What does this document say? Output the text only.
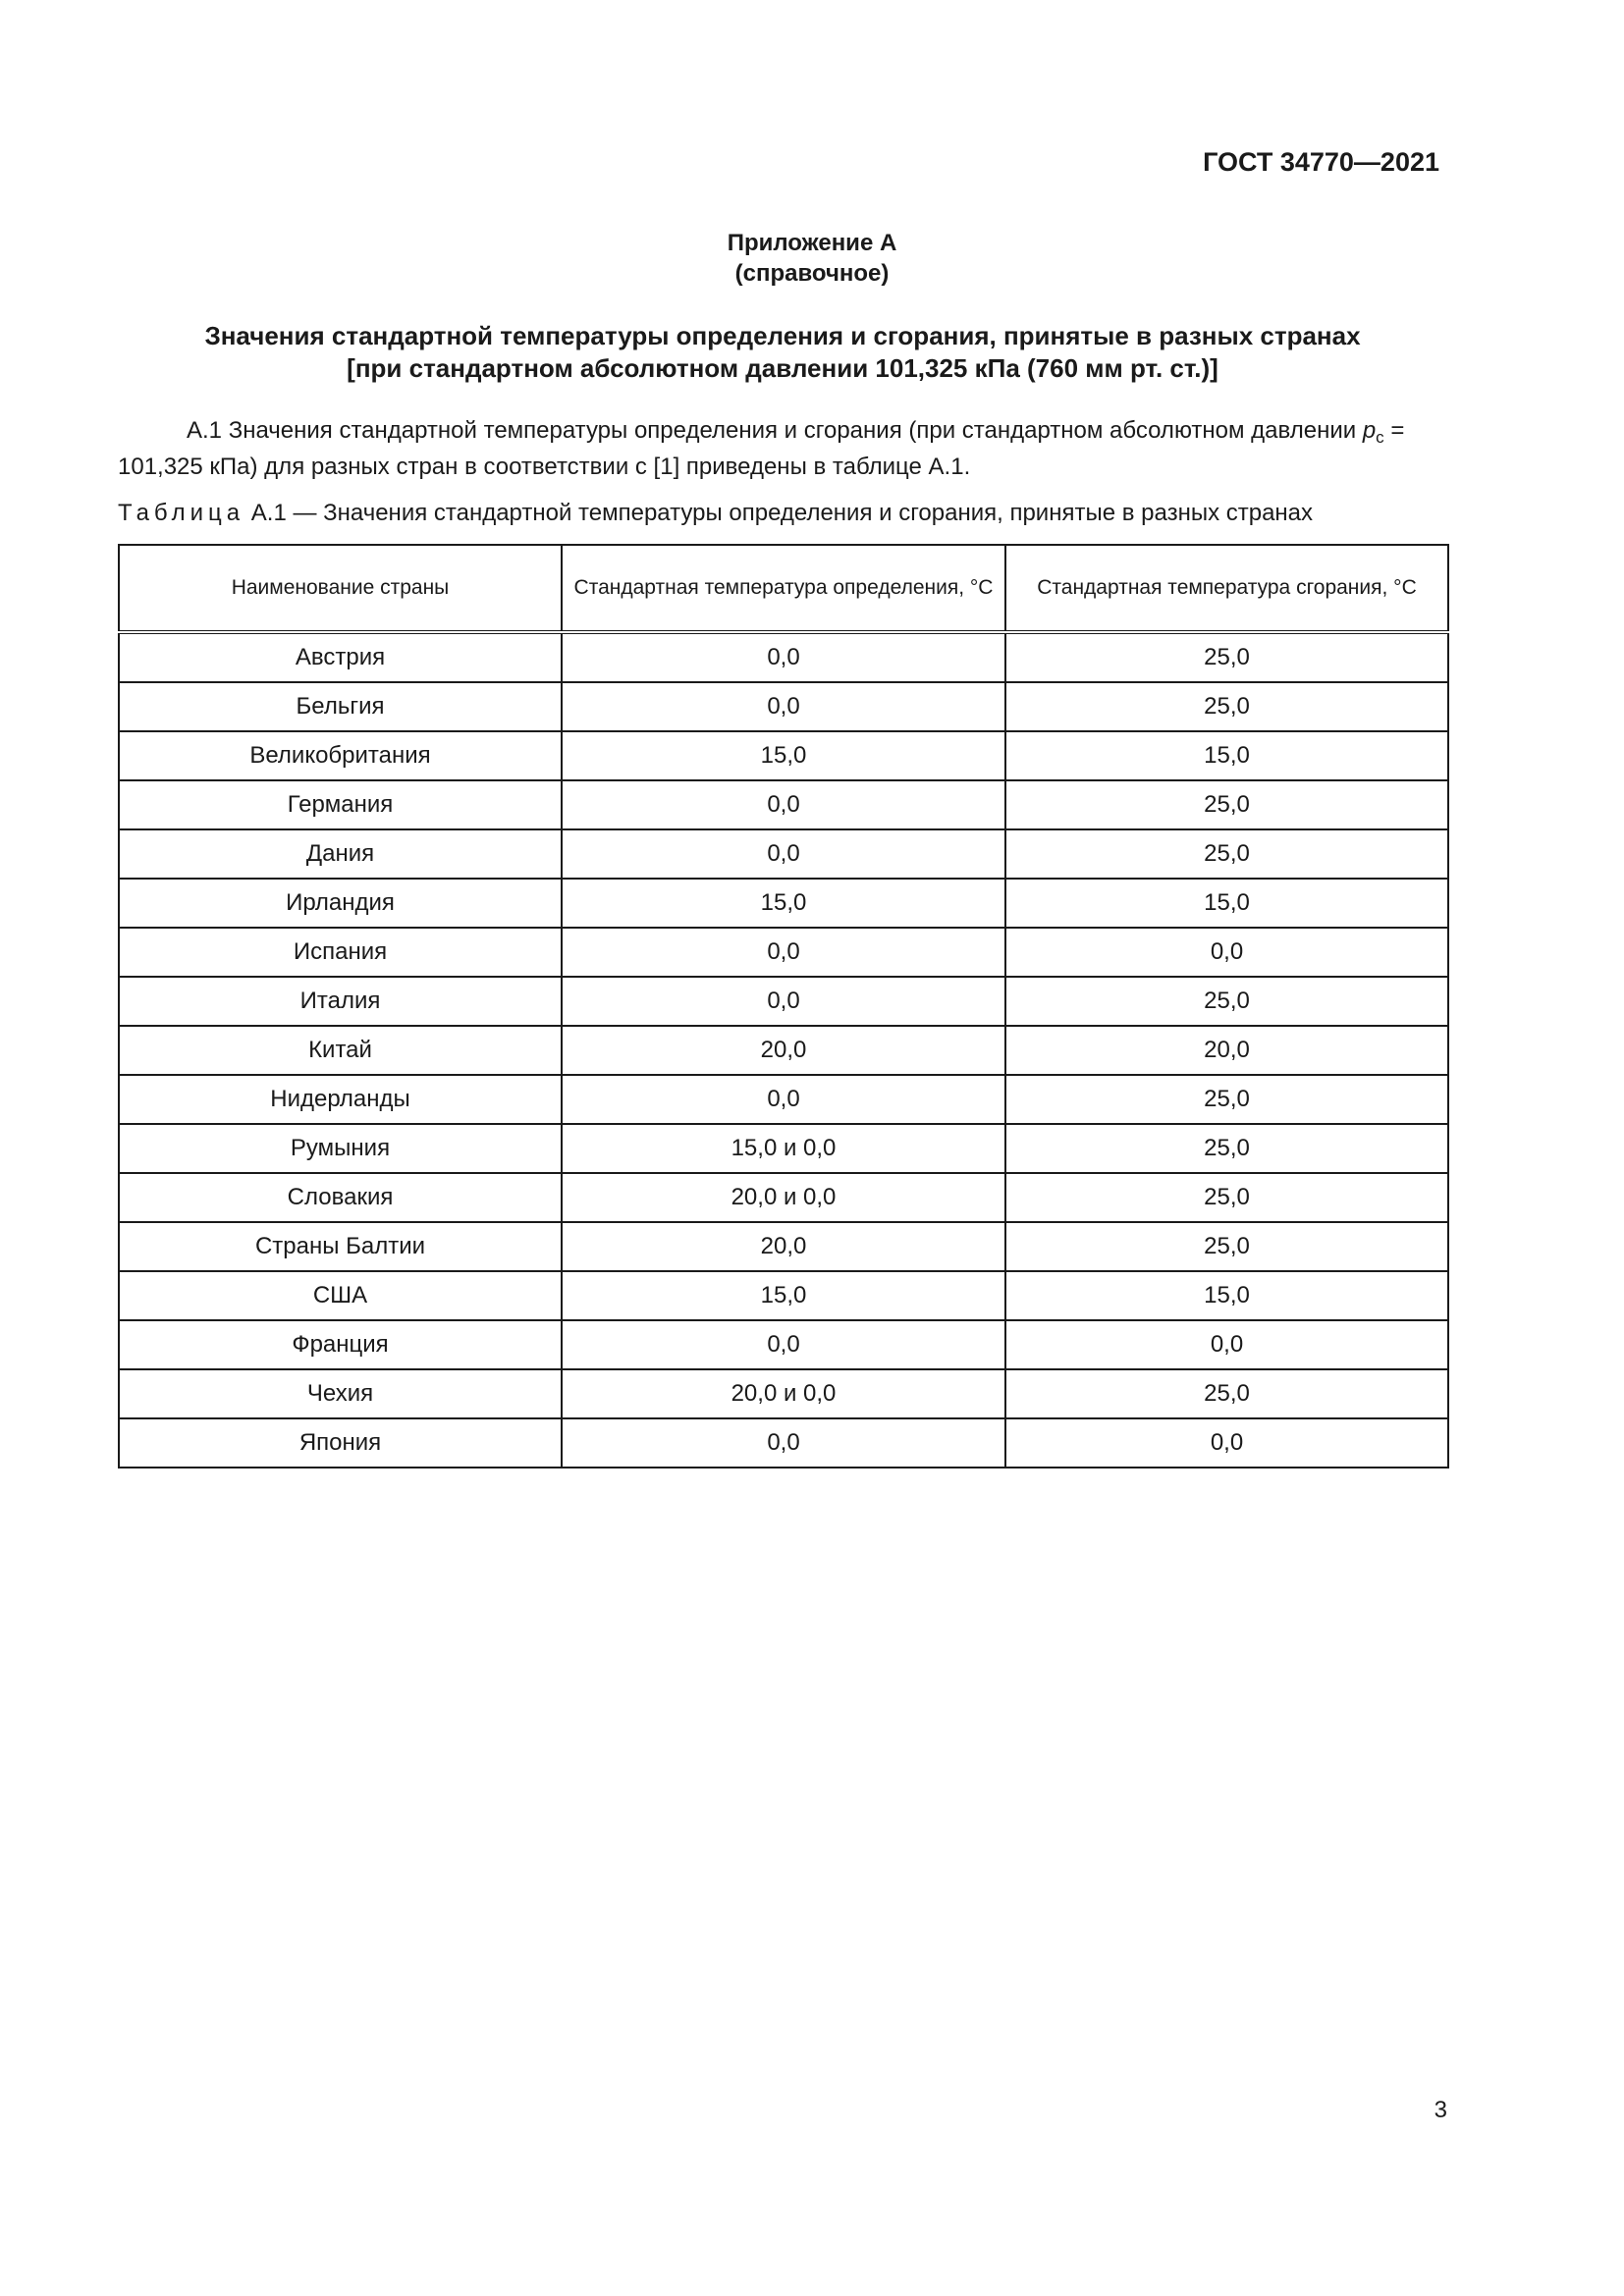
ГОСТ 34770—2021
Приложение А
(справочное)
Значения стандартной температуры определения и сгорания, принятые в разных странах
[при стандартном абсолютном давлении 101,325 кПа (760 мм рт. ст.)]
А.1 Значения стандартной температуры определения и сгорания (при стандартном абсолютном давлении $p_c = 101,325$ кПа) для разных стран в соответствии с [1] приведены в таблице А.1.
Таблица А.1 — Значения стандартной температуры определения и сгорания, принятые в разных странах
Наименование страны	Стандартная температура определения, °С	Стандартная температура сгорания, °С
Австрия	0,0	25,0
Бельгия	0,0	25,0
Великобритания	15,0	15,0
Германия	0,0	25,0
Дания	0,0	25,0
Ирландия	15,0	15,0
Испания	0,0	0,0
Италия	0,0	25,0
Китай	20,0	20,0
Нидерланды	0,0	25,0
Румыния	15,0 и 0,0	25,0
Словакия	20,0 и 0,0	25,0
Страны Балтии	20,0	25,0
США	15,0	15,0
Франция	0,0	0,0
Чехия	20,0 и 0,0	25,0
Япония	0,0	0,0
3
